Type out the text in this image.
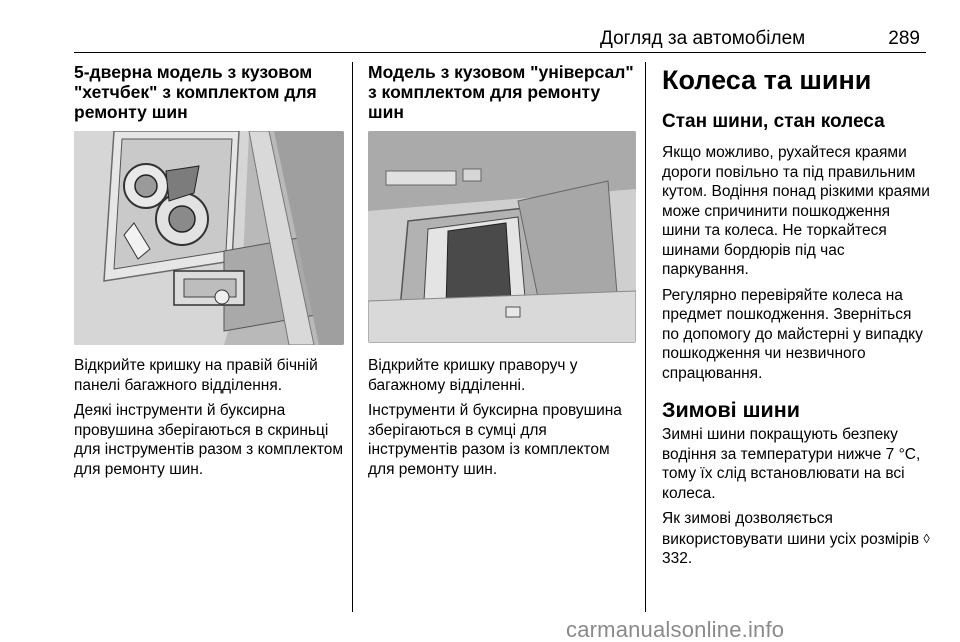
Догляд за автомобілем	289
5-дверна модель з кузовом "хетчбек" з комплектом для ремонту шин

Відкрийте кришку на правій бічній панелі багажного відділення.

Деякі інструменти й буксирна провушина зберігаються в скриньці для інструментів разом з комплектом для ремонту шин.

Модель з кузовом "універсал" з комплектом для ремонту шин

Відкрийте кришку праворуч у багажному відділенні.

Інструменти й буксирна провушина зберігаються в сумці для інструментів разом із комплектом для ремонту шин.

Колеса та шини
Стан шини, стан колеса

Якщо можливо, рухайтеся краями дороги повільно та під правильним кутом. Водіння понад різкими краями може спричинити пошкодження шини та колеса. Не торкайтеся шинами бордюрів під час паркування.

Регулярно перевіряйте колеса на предмет пошкодження. Зверніться по допомогу до майстерні у випадку пошкодження чи незвичного спрацювання.

Зимові шини

Зимні шини покращують безпеку водіння за температури нижче 7 °C, тому їх слід встановлювати на всі колеса.

Як зимові дозволяється використовувати шини усіх розмірів ◊ 332.

carmanualsonline.info
